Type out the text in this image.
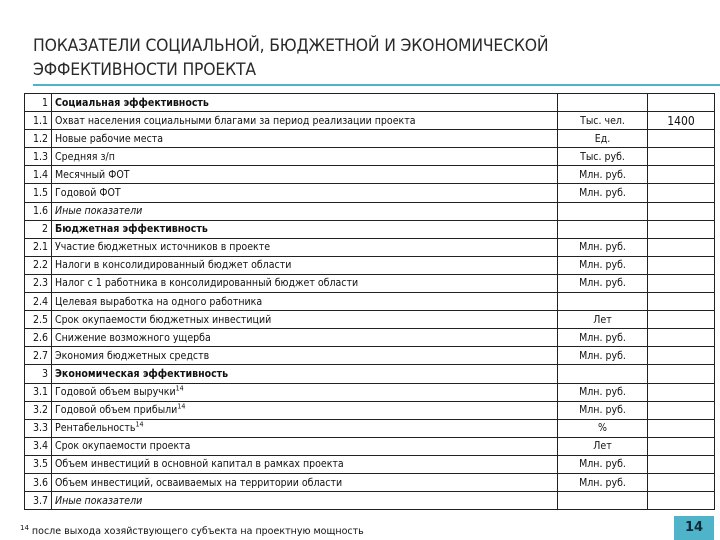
ПОКАЗАТЕЛИ СОЦИАЛЬНОЙ, БЮДЖЕТНОЙ И ЭКОНОМИЧЕСКОЙ ЭФФЕКТИВНОСТИ ПРОЕКТА
1	Социальная эффективность		
1.1	Охват населения социальными благами за период реализации проекта	Тыс. чел.	1400
1.2	Новые рабочие места	Ед.	
1.3	Средняя з/п	Тыс. руб.	
1.4	Месячный ФОТ	Млн. руб.	
1.5	Годовой ФОТ	Млн. руб.	
1.6	Иные показатели		
2	Бюджетная эффективность		
2.1	Участие бюджетных источников в проекте	Млн. руб.	
2.2	Налоги в консолидированный бюджет области	Млн. руб.	
2.3	Налог с 1 работника в консолидированный бюджет области	Млн. руб.	
2.4	Целевая выработка на одного работника		
2.5	Срок окупаемости бюджетных инвестиций	Лет	
2.6	Снижение возможного ущерба	Млн. руб.	
2.7	Экономия бюджетных средств	Млн. руб.	
3	Экономическая эффективность		
3.1	Годовой объем выручки$^{14}$	Млн. руб.	
3.2	Годовой объем прибыли$^{14}$	Млн. руб.	
3.3	Рентабельность$^{14}$	%	
3.4	Срок окупаемости проекта	Лет	
3.5	Объем инвестиций в основной капитал в рамках проекта	Млн. руб.	
3.6	Объем инвестиций, осваиваемых на территории области	Млн. руб.	
3.7	Иные показатели		
$^{14}$ после выхода хозяйствующего субъекта на проектную мощность	14
